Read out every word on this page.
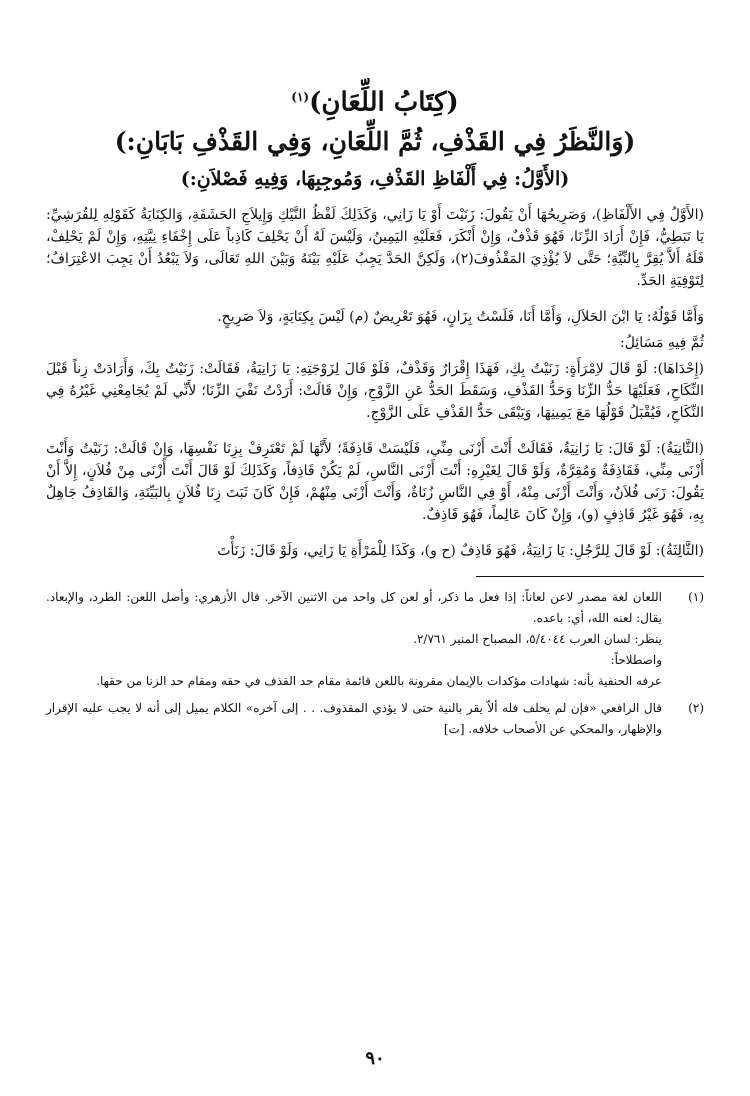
(كِتَابُ اللِّعَانِ)$^{(١)}$
(وَالنَّظَرُ فِي القَذْفِ، ثُمَّ اللِّعَانِ، وَفِي القَذْفِ بَابَانِ:)
(الأَوَّلُ: فِي أَلْفَاظِ القَذْفِ، وَمُوجِبِهَا، وَفِيهِ فَصْلاَنِ:)

(الأَوَّلُ فِي الأَلْفَاظِ)، وَصَرِيحُهَا أَنْ يَقُولَ: زَنَيْتَ أَوْ يَا زَانِي، وَكَذَلِكَ لَفْظُ النَّيْكِ وَإِيلاَجِ الحَشَفَةِ، وَالكِنَايَةُ كَقَوْلِهِ لِلقُرَشِيِّ: يَا نَبَطِيُّ، فَإِنْ أَرَادَ الزِّنَا، فَهُوَ قَذْفٌ، وَإِنْ أَنْكَرَ، فَعَلَيْهِ اليَمِينُ، وَلَيْسَ لَهُ أَنْ يَحْلِفَ كَاذِباً عَلَى إِخْفَاءِ نِيَّتِهِ، وَإِنْ لَمْ يَحْلِفْ، فَلَهُ أَلاَّ يُقِرَّ بِالنِّيَّةِ؛ حَتَّى لاَ يُؤْذِيَ المَقْذُوفَ(٢)، وَلَكِنَّ الحَدَّ يَجِبُ عَلَيْهِ بَيْنَهُ وَبَيْنَ اللهِ تَعَالَى، وَلاَ يَبْعُدُ أَنْ يَجِبَ الاعْتِرَافُ؛ لِتَوْفِيَةِ الحَدِّ.

وَأَمَّا قَوْلُهُ: يَا ابْنَ الحَلاَلِ، وَأَمَّا أَنَا، فَلَسْتُ بِزَانٍ، فَهُوَ تَعْرِيضٌ (م) لَيْسَ بِكِنَايَةٍ، وَلاَ صَرِيحٍ.

ثُمَّ فِيهِ مَسَائِلُ:

(إِحْدَاهَا): لَوْ قَالَ لاِمْرَأَةٍ: زَنَيْتُ بِكِ، فَهَذَا إِقْرَارٌ وَقَذْفٌ، فَلَوْ قَالَ لِزَوْجَتِهِ: يَا زَانِيَةُ، فَقَالَتْ: زَنَيْتُ بِكَ، وَأَرَادَتْ زِناً قَبْلَ النِّكَاحِ، فَعَلَيْهَا حَدُّ الزِّنَا وَحَدُّ القَذْفِ، وَسَقَطَ الحَدُّ عَنِ الزَّوْجِ، وَإِنْ قَالَتْ: أَرَدْتُ نَفْيَ الزِّنَا؛ لأَنِّي لَمْ يُجَامِعْنِي غَيْرُهُ فِي النِّكَاحِ، فَيُقْبَلُ قَوْلُهَا مَعَ يَمِينِهَا، وَيَبْقَى حَدُّ القَذْفِ عَلَى الزَّوْجِ.

(الثَّانِيَةُ): لَوْ قَالَ: يَا زَانِيَةُ، فَقَالَتْ أَنْتَ أَزْنَى مِنِّي، فَلَيْسَتْ قَاذِفَةً؛ لأَنَّهَا لَمْ تَعْتَرِفْ بِزِنَا نَفْسِهَا، وَإِنْ قَالَتْ: زَنَيْتُ وَأَنْتَ أَزْنَى مِنِّي، فَقَاذِفَةٌ وَمُقِرَّةٌ، وَلَوْ قَالَ لِغَيْرِهِ: أَنْتَ أَزْنَى النَّاسِ، لَمْ يَكُنْ قَاذِفاً، وَكَذَلِكَ لَوْ قَالَ أَنْتَ أَزْنَى مِنْ فُلاَنٍ، إِلاَّ أَنْ يَقُولَ: زَنَى فُلاَنٌ، وَأَنْتَ أَزْنَى مِنْهُ، أَوْ فِي النَّاسِ زُنَاةٌ، وَأَنْتَ أَزْنَى مِنْهُمْ، فَإِنْ كَانَ ثَبَتَ زِنَا فُلاَنٍ بِالبَيِّنَةِ، وَالقَاذِفُ جَاهِلٌ بِهِ، فَهُوَ غَيْرُ قَاذِفٍ (و)، وَإِنْ كَانَ عَالِماً، فَهُوَ قَاذِفٌ.

(الثَّالِثَةُ): لَوْ قَالَ لِلرَّجُلِ: يَا زَانِيَةُ، فَهُوَ قَاذِفٌ (ح و)، وَكَذَا لِلْمَرْأَةِ يَا زَانِي، وَلَوْ قَالَ: زَنَأْتَ

(١)

اللعان لغة مصدر لاعن لعاناً: إذا فعل ما ذكر، أو لعن كل واحد من الاثنين الآخر. قال الأزهري: وأصل اللعن: الطرد، والإبعاد. يقال: لعنه الله، أي: باعده.

ينظر: لسان العرب ٥/٤٠٤٤، المصباح المنير ٢/٧٦١.

واصطلاحاً:

عرفه الحنفية بأنه: شهادات مؤكدات بالإيمان مقرونة باللعن قائمة مقام حد القذف في حقه ومقام حد الزنا من حقها.

(٢)

قال الرافعي «فإن لم يحلف فله ألاّ يقر بالنية حتى لا يؤذي المقذوف. . . إلى آخره» الكلام يميل إلى أنه لا يجب عليه الإقرار والإظهار، والمحكي عن الأصحاب خلافه. [ت]

٩٠
